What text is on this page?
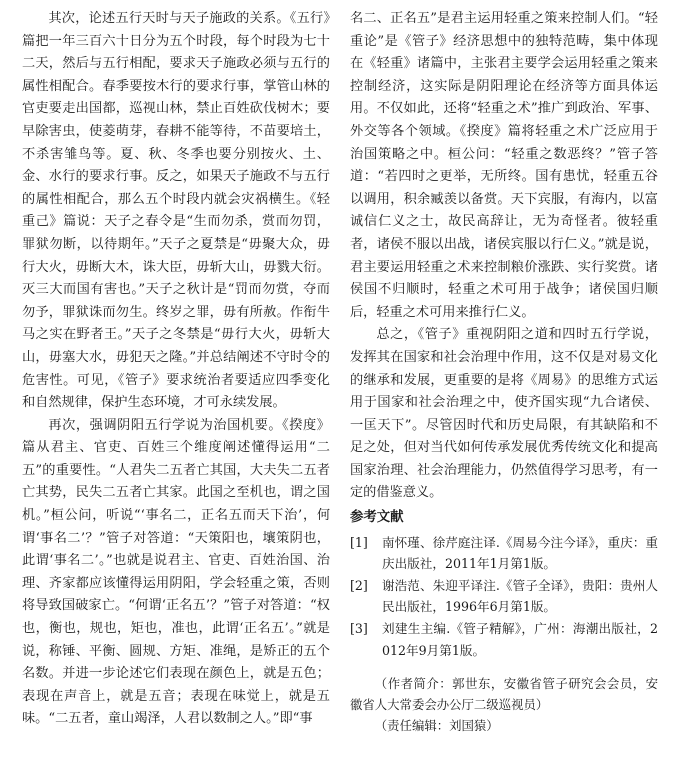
其次，论述五行天时与天子施政的关系。《五行》篇把一年三百六十日分为五个时段，每个时段为七十二天，然后与五行相配，要求天子施政必须与五行的属性相配合。春季要按木行的要求行事，掌管山林的官吏要走出国都，巡视山林，禁止百姓砍伐树木；要早除害虫，使菱萌芽，春耕不能等待，不苗要培土，不杀害雏鸟等。夏、秋、冬季也要分别按火、土、金、水行的要求行事。反之，如果天子施政不与五行的属性相配合，那么五个时段内就会灾祸横生。《轻重己》篇说：天子之春令是“生而勿杀，赏而勿罚，罪狱勿断，以待期年。”天子之夏禁是“毋聚大众，毋行大火，毋断大木，诛大臣，毋斩大山，毋戮大衍。灭三大而国有害也。”天子之秋计是“罚而勿赏，夺而勿予，罪狱诛而勿生。终岁之罪，毋有所赦。作衔牛马之实在野者王。”天子之冬禁是“毋行大火，毋斩大山，毋塞大水，毋犯天之隆。”并总结阐述不守时令的危害性。可见，《管子》要求统治者要适应四季变化和自然规律，保护生态环境，才可永续发展。

再次，强调阴阳五行学说为治国机要。《揆度》篇从君主、官吏、百姓三个维度阐述懂得运用“二五”的重要性。“人君失二五者亡其国，大夫失二五者亡其势，民失二五者亡其家。此国之至机也，谓之国机。”桓公问，听说“‘事名二，正名五而天下治’，何谓‘事名二’？”管子对答道：“天策阳也，壤策阴也，此谓‘事名二’。”也就是说君主、官吏、百姓治国、治理、齐家都应该懂得运用阴阳，学会轻重之策，否则将导致国破家亡。“何谓‘正名五’？”管子对答道：“权也，衡也，规也，矩也，准也，此谓‘正名五’。”就是说，称锤、平衡、圆规、方矩、准绳，是矫正的五个名数。并进一步论述它们表现在颜色上，就是五色；表现在声音上，就是五音；表现在味觉上，就是五味。“二五者，童山竭泽，人君以数制之人。”即“事

名二、正名五”是君主运用轻重之策来控制人们。“轻重论”是《管子》经济思想中的独特范畴，集中体现在《轻重》诸篇中，主张君主要学会运用轻重之策来控制经济，这实际是阴阳理论在经济等方面具体运用。不仅如此，还将“轻重之术”推广到政治、军事、外交等各个领域。《揆度》篇将轻重之术广泛应用于治国策略之中。桓公问：“轻重之数恶终？”管子答道：“若四时之更举，无所终。国有患忧，轻重五谷以调用，积余臧羡以备赏。天下宾服，有海内，以富诚信仁义之士，故民高辞让，无为奇怪者。彼轻重者，诸侯不服以出战，诸侯宾服以行仁义。”就是说，君主要运用轻重之术来控制粮价涨跌、实行奖赏。诸侯国不归顺时，轻重之术可用于战争；诸侯国归顺后，轻重之术可用来推行仁义。

总之，《管子》重视阴阳之道和四时五行学说，发挥其在国家和社会治理中作用，这不仅是对易文化的继承和发展，更重要的是将《周易》的思维方式运用于国家和社会治理之中，使齐国实现“九合诸侯、一匡天下”。尽管因时代和历史局限，有其缺陷和不足之处，但对当代如何传承发展优秀传统文化和提高国家治理、社会治理能力，仍然值得学习思考，有一定的借鉴意义。

参考文献
[1]	南怀瑾、徐芹庭注译.《周易今注今译》，重庆：重庆出版社，2011年1月第1版。
[2]	谢浩范、朱迎平译注.《管子全译》，贵阳：贵州人民出版社，1996年6月第1版。
[3]	刘建生主编.《管子精解》，广州：海潮出版社，2012年9月第1版。
（作者简介：郭世东，安徽省管子研究会会员，安徽省人大常委会办公厅二级巡视员）
（责任编辑：刘国猿）
